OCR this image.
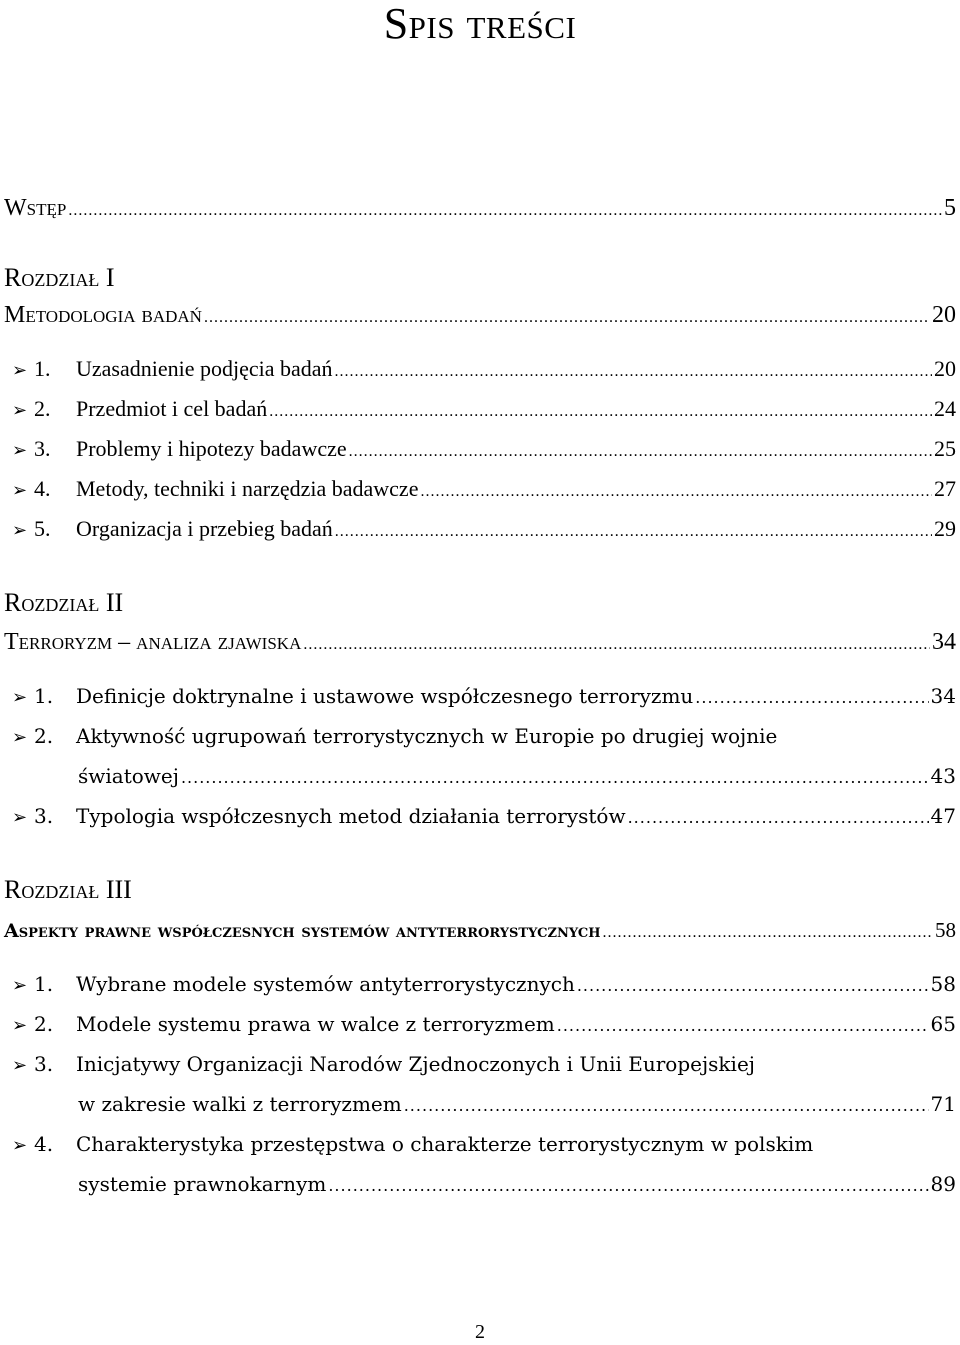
Spis treści
Wstęp .....	5
Rozdział I
Metodologia badań .....	20
➢ 1.	Uzasadnienie podjęcia badań .....	20
➢ 2.	Przedmiot i cel badań .....	24
➢ 3.	Problemy i hipotezy badawcze .....	25
➢ 4.	Metody, techniki i narzędzia badawcze .....	27
➢ 5.	Organizacja i przebieg badań .....	29
Rozdział II
Terroryzm – analiza zjawiska .....	34
➢ 1.	Definicje doktrynalne i ustawowe współczesnego terroryzmu .....	34
➢ 2.	Aktywność ugrupowań terrorystycznych w Europie po drugiej wojnie
światowej .....	43
➢ 3.	Typologia współczesnych metod działania terrorystów .....	47
Rozdział III
Aspekty prawne współczesnych systemów antyterrorystycznych .....	58
➢ 1.	Wybrane modele systemów antyterrorystycznych .....	58
➢ 2.	Modele systemu prawa w walce z terroryzmem .....	65
➢ 3.	Inicjatywy Organizacji Narodów Zjednoczonych i Unii Europejskiej
w zakresie walki z terroryzmem .....	71
➢ 4.	Charakterystyka przestępstwa o charakterze terrorystycznym w polskim
systemie prawnokarnym .....	89
2
